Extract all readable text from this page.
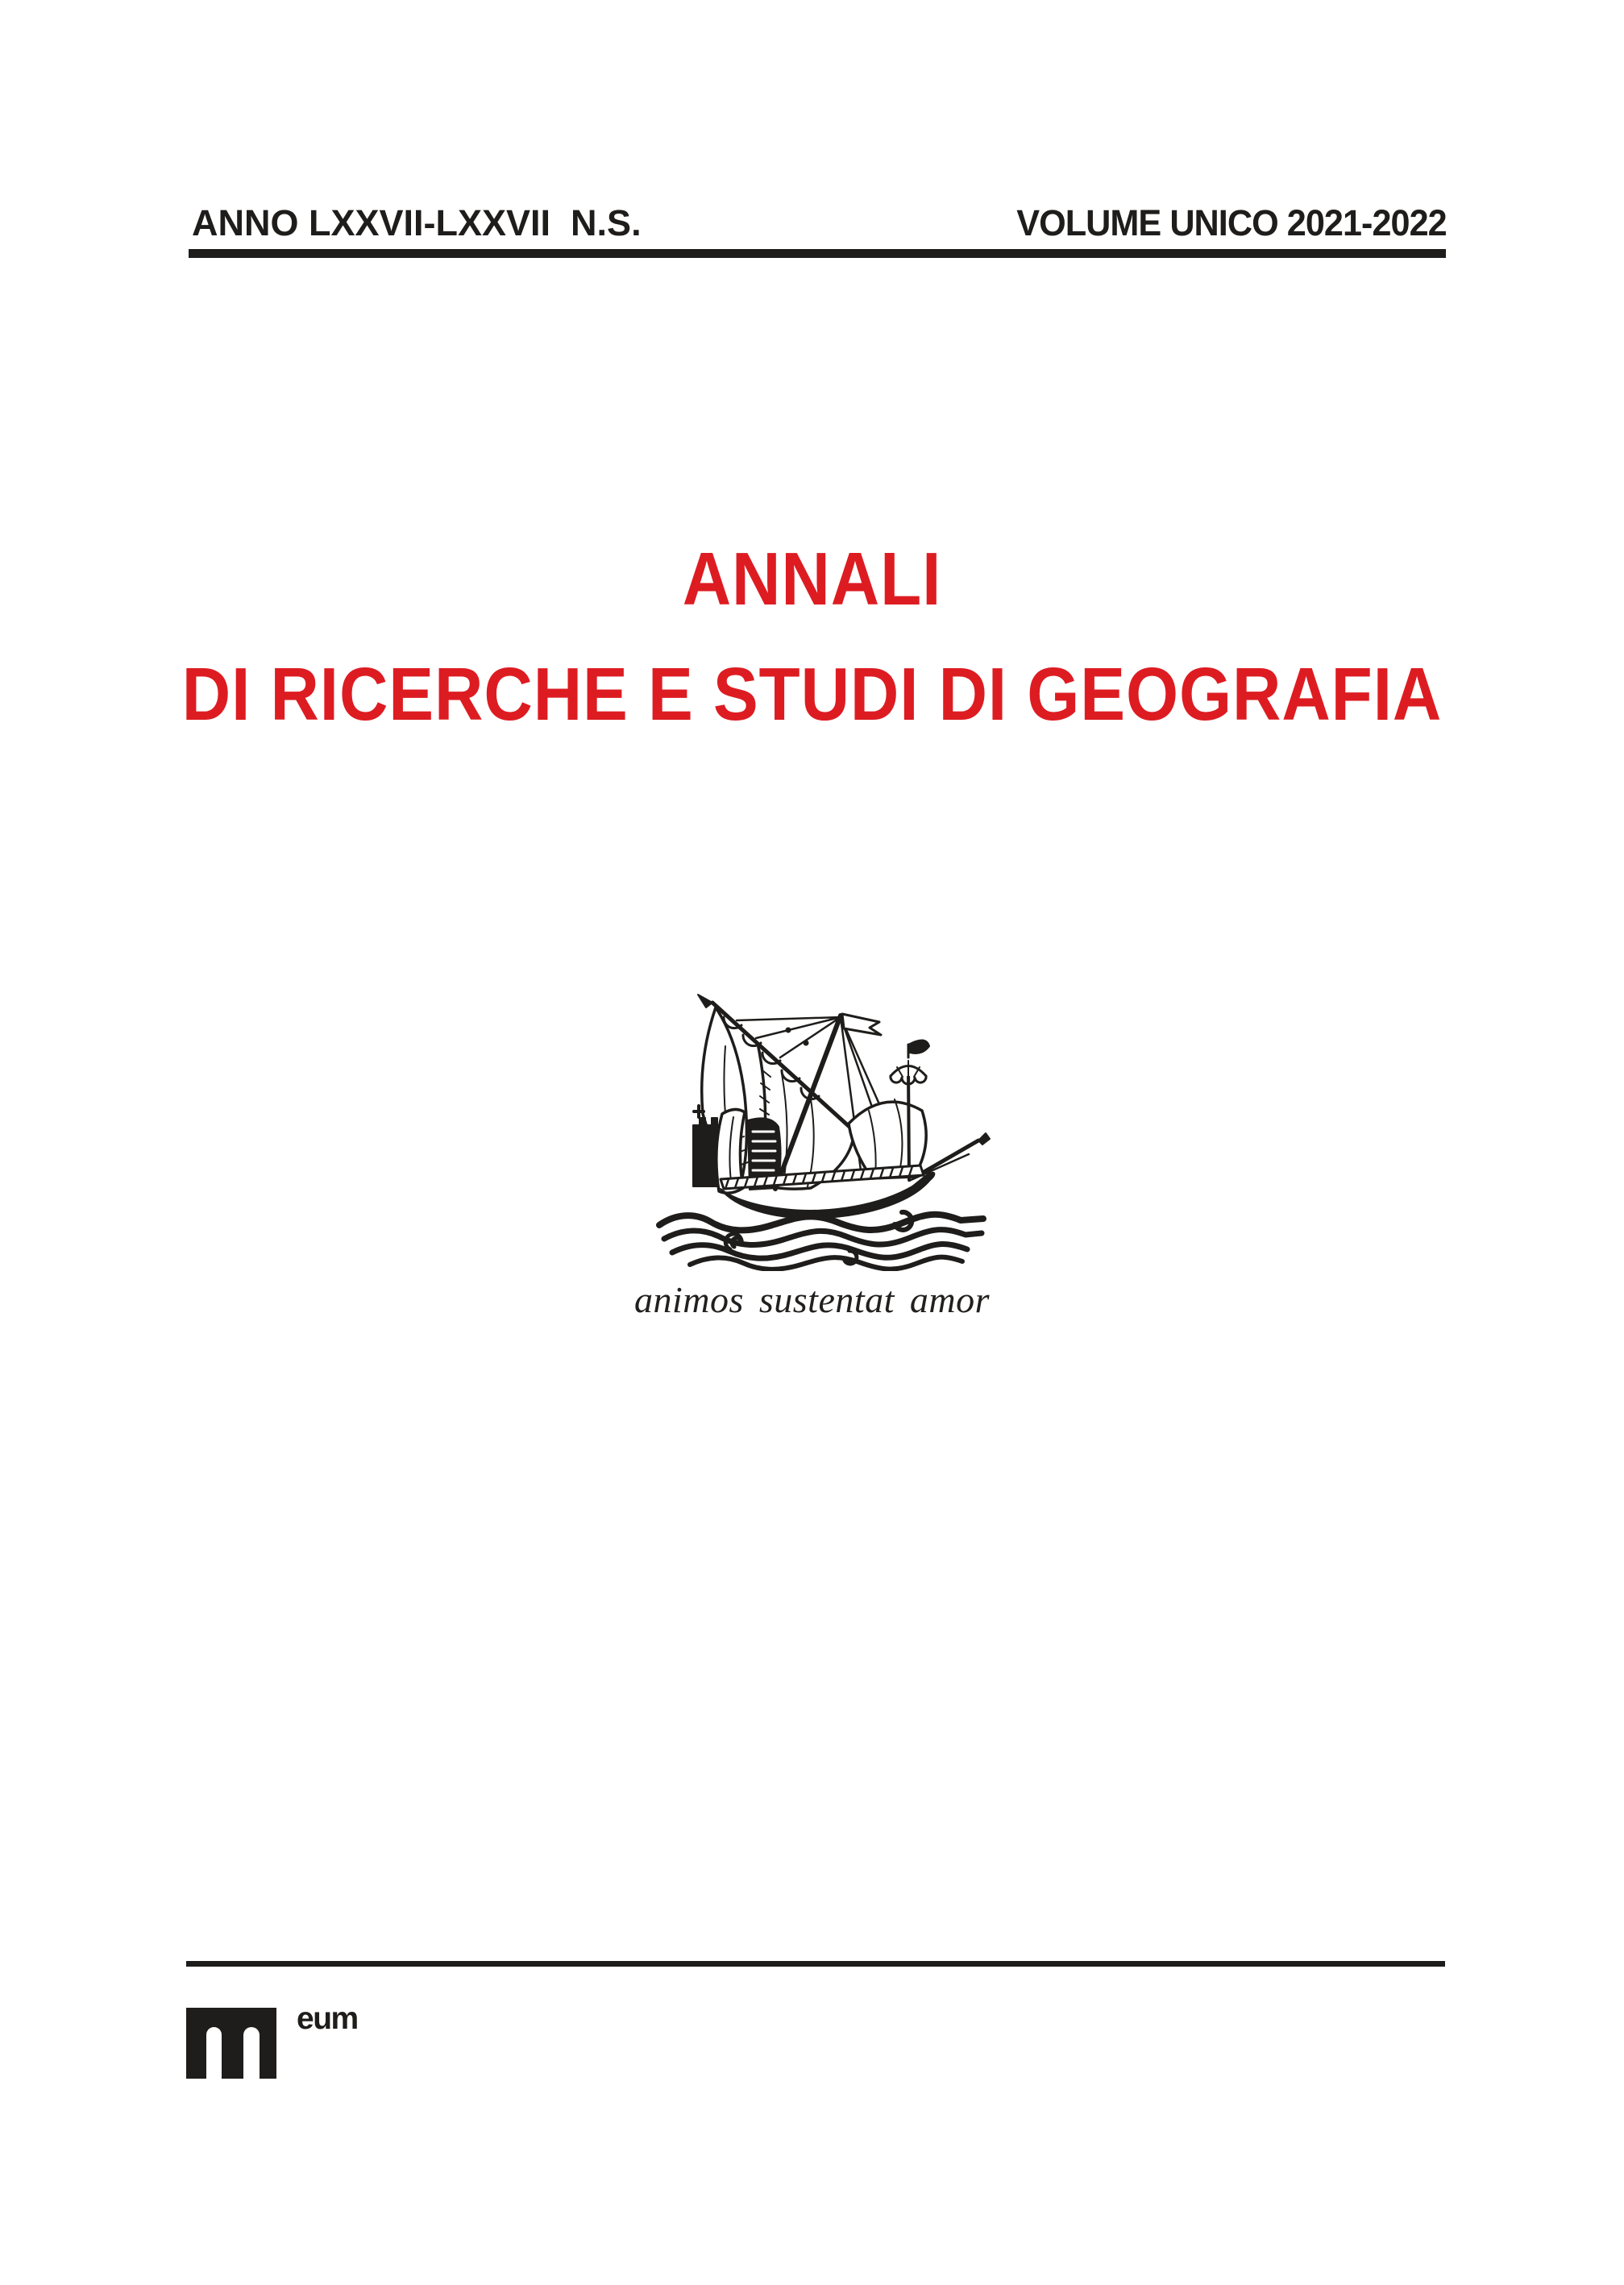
ANNO LXXVII-LXXVII  N.S.	VOLUME UNICO 2021-2022
ANNALI
DI RICERCHE E STUDI DI GEOGRAFIA
animos sustentat amor
eum
